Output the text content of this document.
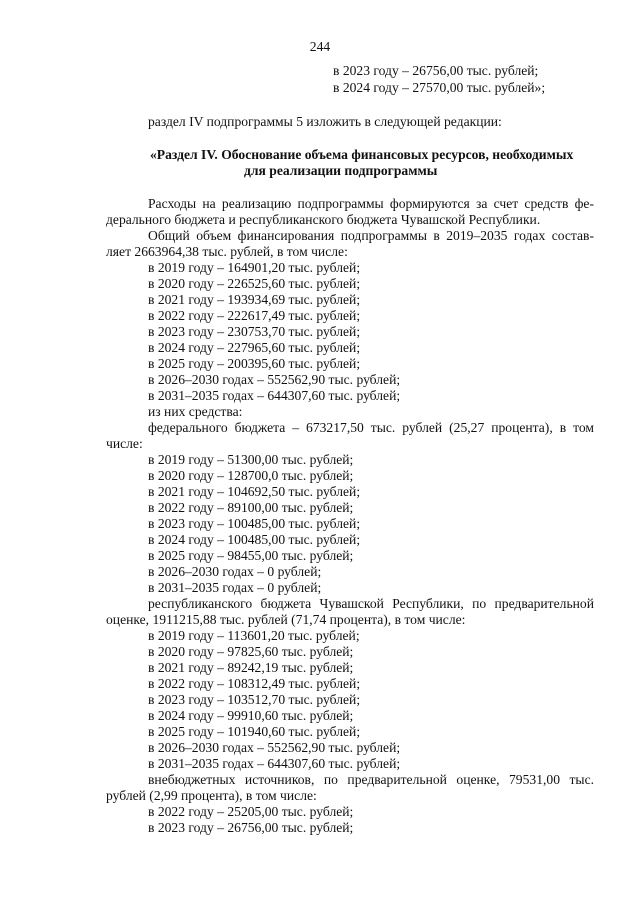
244
в 2023 году – 26756,00 тыс. рублей;
в 2024 году – 27570,00 тыс. рублей»;
раздел IV подпрограммы 5 изложить в следующей редакции:
«Раздел IV. Обоснование объема финансовых ресурсов, необходимых
для реализации подпрограммы
Расходы на реализацию подпрограммы формируются за счет средств фе-
дерального бюджета и республиканского бюджета Чувашской Республики.
Общий объем финансирования подпрограммы в 2019–2035 годах состав-
ляет 2663964,38 тыс. рублей, в том числе:
в 2019 году – 164901,20 тыс. рублей;
в 2020 году – 226525,60 тыс. рублей;
в 2021 году – 193934,69 тыс. рублей;
в 2022 году – 222617,49 тыс. рублей;
в 2023 году – 230753,70 тыс. рублей;
в 2024 году – 227965,60 тыс. рублей;
в 2025 году – 200395,60 тыс. рублей;
в 2026–2030 годах – 552562,90 тыс. рублей;
в 2031–2035 годах – 644307,60 тыс. рублей;
из них средства:
федерального бюджета – 673217,50 тыс. рублей (25,27 процента), в том
числе:
в 2019 году – 51300,00 тыс. рублей;
в 2020 году – 128700,0 тыс. рублей;
в 2021 году – 104692,50 тыс. рублей;
в 2022 году – 89100,00 тыс. рублей;
в 2023 году – 100485,00 тыс. рублей;
в 2024 году – 100485,00 тыс. рублей;
в 2025 году – 98455,00 тыс. рублей;
в 2026–2030 годах – 0 рублей;
в 2031–2035 годах – 0 рублей;
республиканского бюджета Чувашской Республики, по предварительной
оценке, 1911215,88 тыс. рублей (71,74 процента), в том числе:
в 2019 году – 113601,20 тыс. рублей;
в 2020 году – 97825,60 тыс. рублей;
в 2021 году – 89242,19 тыс. рублей;
в 2022 году – 108312,49 тыс. рублей;
в 2023 году – 103512,70 тыс. рублей;
в 2024 году – 99910,60 тыс. рублей;
в 2025 году – 101940,60 тыс. рублей;
в 2026–2030 годах – 552562,90 тыс. рублей;
в 2031–2035 годах – 644307,60 тыс. рублей;
внебюджетных источников, по предварительной оценке, 79531,00 тыс.
рублей (2,99 процента), в том числе:
в 2022 году – 25205,00 тыс. рублей;
в 2023 году – 26756,00 тыс. рублей;
